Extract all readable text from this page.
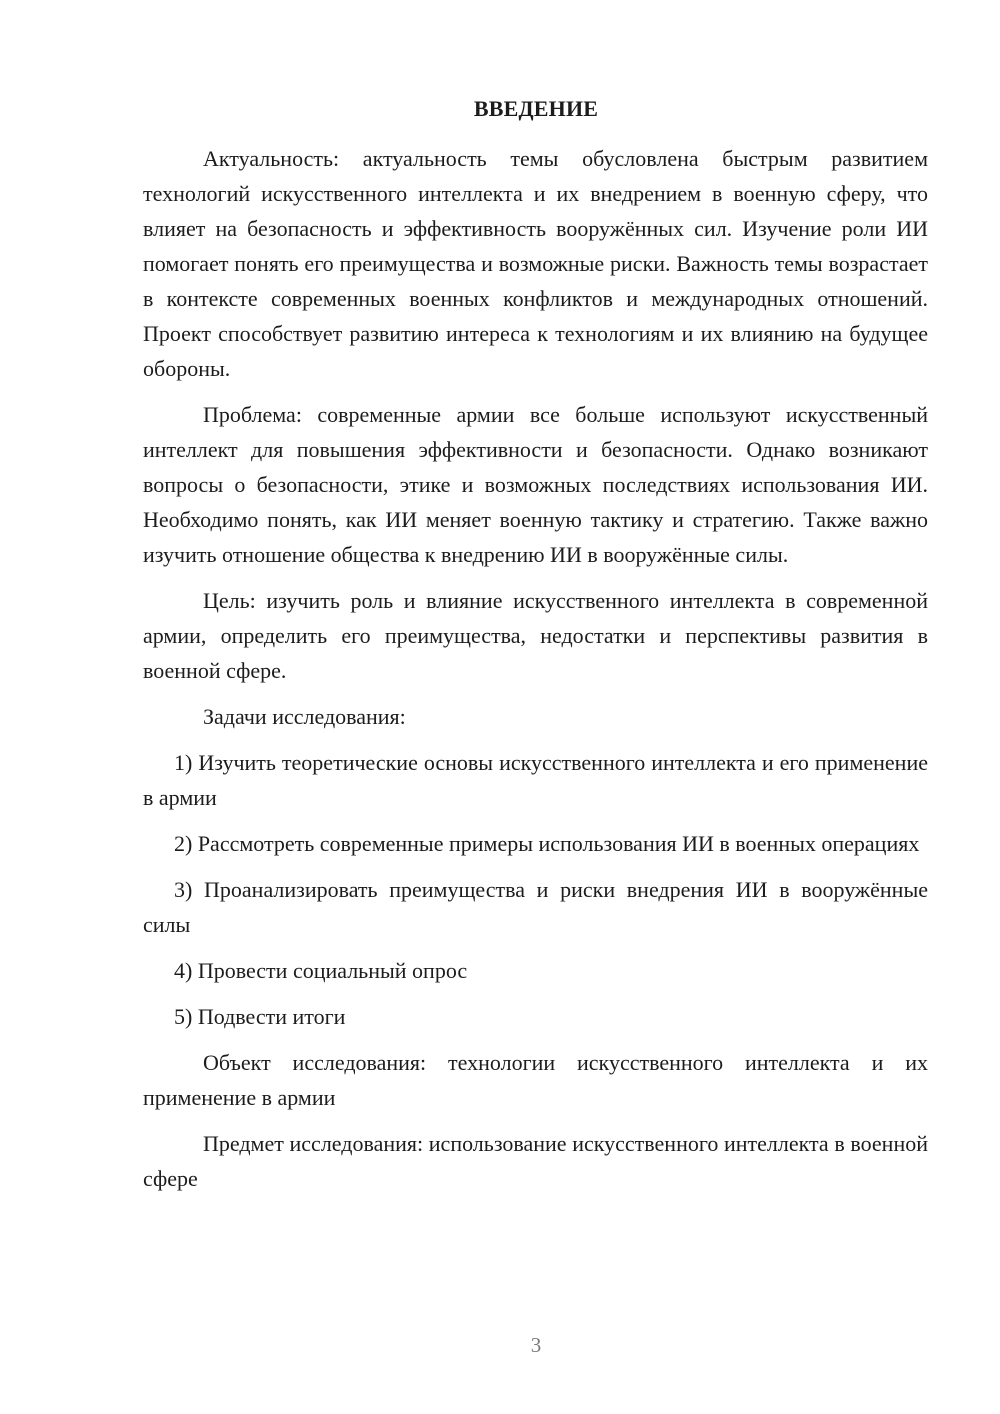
ВВЕДЕНИЕ

Актуальность: актуальность темы обусловлена быстрым развитием технологий искусственного интеллекта и их внедрением в военную сферу, что влияет на безопасность и эффективность вооружённых сил. Изучение роли ИИ помогает понять его преимущества и возможные риски. Важность темы возрастает в контексте современных военных конфликтов и международных отношений. Проект способствует развитию интереса к технологиям и их влиянию на будущее обороны.

Проблема: современные армии все больше используют искусственный интеллект для повышения эффективности и безопасности. Однако возникают вопросы о безопасности, этике и возможных последствиях использования ИИ. Необходимо понять, как ИИ меняет военную тактику и стратегию. Также важно изучить отношение общества к внедрению ИИ в вооружённые силы.

Цель: изучить роль и влияние искусственного интеллекта в современной армии, определить его преимущества, недостатки и перспективы развития в военной сфере.

Задачи исследования:

1) Изучить теоретические основы искусственного интеллекта и его применение в армии

2) Рассмотреть современные примеры использования ИИ в военных операциях

3) Проанализировать преимущества и риски внедрения ИИ в вооружённые силы

4) Провести социальный опрос

5) Подвести итоги

Объект исследования: технологии искусственного интеллекта и их применение в армии

Предмет исследования: использование искусственного интеллекта в военной сфере

3
